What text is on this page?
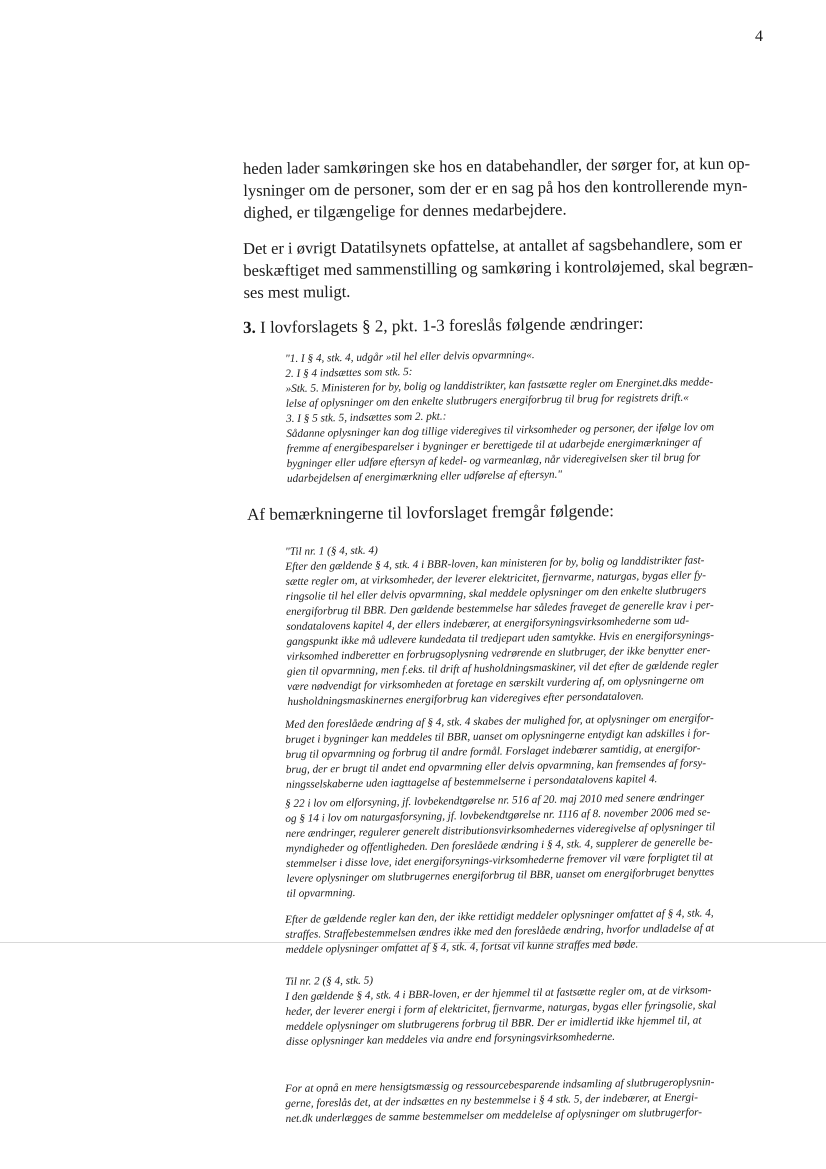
4
heden lader samkøringen ske hos en databehandler, der sørger for, at kun op-
lysninger om de personer, som der er en sag på hos den kontrollerende myn-
dighed, er tilgængelige for dennes medarbejdere.
Det er i øvrigt Datatilsynets opfattelse, at antallet af sagsbehandlere, som er
beskæftiget med sammenstilling og samkøring i kontroløjemed, skal begræn-
ses mest muligt.
3. I lovforslagets § 2, pkt. 1-3 foreslås følgende ændringer:
"1. I § 4, stk. 4, udgår »til hel eller delvis opvarmning«.
2. I § 4 indsættes som stk. 5:
»Stk. 5. Ministeren for by, bolig og landdistrikter, kan fastsætte regler om Energinet.dks medde-
lelse af oplysninger om den enkelte slutbrugers energiforbrug til brug for registrets drift.«
3. I § 5 stk. 5, indsættes som 2. pkt.:
Sådanne oplysninger kan dog tillige videregives til virksomheder og personer, der ifølge lov om
fremme af energibesparelser i bygninger er berettigede til at udarbejde energimærkninger af
bygninger eller udføre eftersyn af kedel- og varmeanlæg, når videregivelsen sker til brug for
udarbejdelsen af energimærkning eller udførelse af eftersyn."
Af bemærkningerne til lovforslaget fremgår følgende:
"Til nr. 1 (§ 4, stk. 4)
Efter den gældende § 4, stk. 4 i BBR-loven, kan ministeren for by, bolig og landdistrikter fast-
sætte regler om, at virksomheder, der leverer elektricitet, fjernvarme, naturgas, bygas eller fy-
ringsolie til hel eller delvis opvarmning, skal meddele oplysninger om den enkelte slutbrugers
energiforbrug til BBR. Den gældende bestemmelse har således fraveget de generelle krav i per-
sondatalovens kapitel 4, der ellers indebærer, at energiforsyningsvirksomhederne som ud-
gangspunkt ikke må udlevere kundedata til tredjepart uden samtykke. Hvis en energiforsynings-
virksomhed indberetter en forbrugsoplysning vedrørende en slutbruger, der ikke benytter ener-
gien til opvarmning, men f.eks. til drift af husholdningsmaskiner, vil det efter de gældende regler
være nødvendigt for virksomheden at foretage en særskilt vurdering af, om oplysningerne om
husholdningsmaskinernes energiforbrug kan videregives efter persondataloven.
Med den foreslåede ændring af § 4, stk. 4 skabes der mulighed for, at oplysninger om energifor-
bruget i bygninger kan meddeles til BBR, uanset om oplysningerne entydigt kan adskilles i for-
brug til opvarmning og forbrug til andre formål. Forslaget indebærer samtidig, at energifor-
brug, der er brugt til andet end opvarmning eller delvis opvarmning, kan fremsendes af forsy-
ningsselskaberne uden iagttagelse af bestemmelserne i persondatalovens kapitel 4.
§ 22 i lov om elforsyning, jf. lovbekendtgørelse nr. 516 af 20. maj 2010 med senere ændringer
og § 14 i lov om naturgasforsyning, jf. lovbekendtgørelse nr. 1116 af 8. november 2006 med se-
nere ændringer, regulerer generelt distributionsvirksomhedernes videregivelse af oplysninger til
myndigheder og offentligheden. Den foreslåede ændring i § 4, stk. 4, supplerer de generelle be-
stemmelser i disse love, idet energiforsynings-virksomhederne fremover vil være forpligtet til at
levere oplysninger om slutbrugernes energiforbrug til BBR, uanset om energiforbruget benyttes
til opvarmning.
Efter de gældende regler kan den, der ikke rettidigt meddeler oplysninger omfattet af § 4, stk. 4,
straffes. Straffebestemmelsen ændres ikke med den foreslåede ændring, hvorfor undladelse af at
meddele oplysninger omfattet af § 4, stk. 4, fortsat vil kunne straffes med bøde.
Til nr. 2 (§ 4, stk. 5)
I den gældende § 4, stk. 4 i BBR-loven, er der hjemmel til at fastsætte regler om, at de virksom-
heder, der leverer energi i form af elektricitet, fjernvarme, naturgas, bygas eller fyringsolie, skal
meddele oplysninger om slutbrugerens forbrug til BBR. Der er imidlertid ikke hjemmel til, at
disse oplysninger kan meddeles via andre end forsyningsvirksomhederne.
For at opnå en mere hensigtsmæssig og ressourcebesparende indsamling af slutbrugeroplysnin-
gerne, foreslås det, at der indsættes en ny bestemmelse i § 4 stk. 5, der indebærer, at Energi-
net.dk underlægges de samme bestemmelser om meddelelse af oplysninger om slutbrugerfor-
